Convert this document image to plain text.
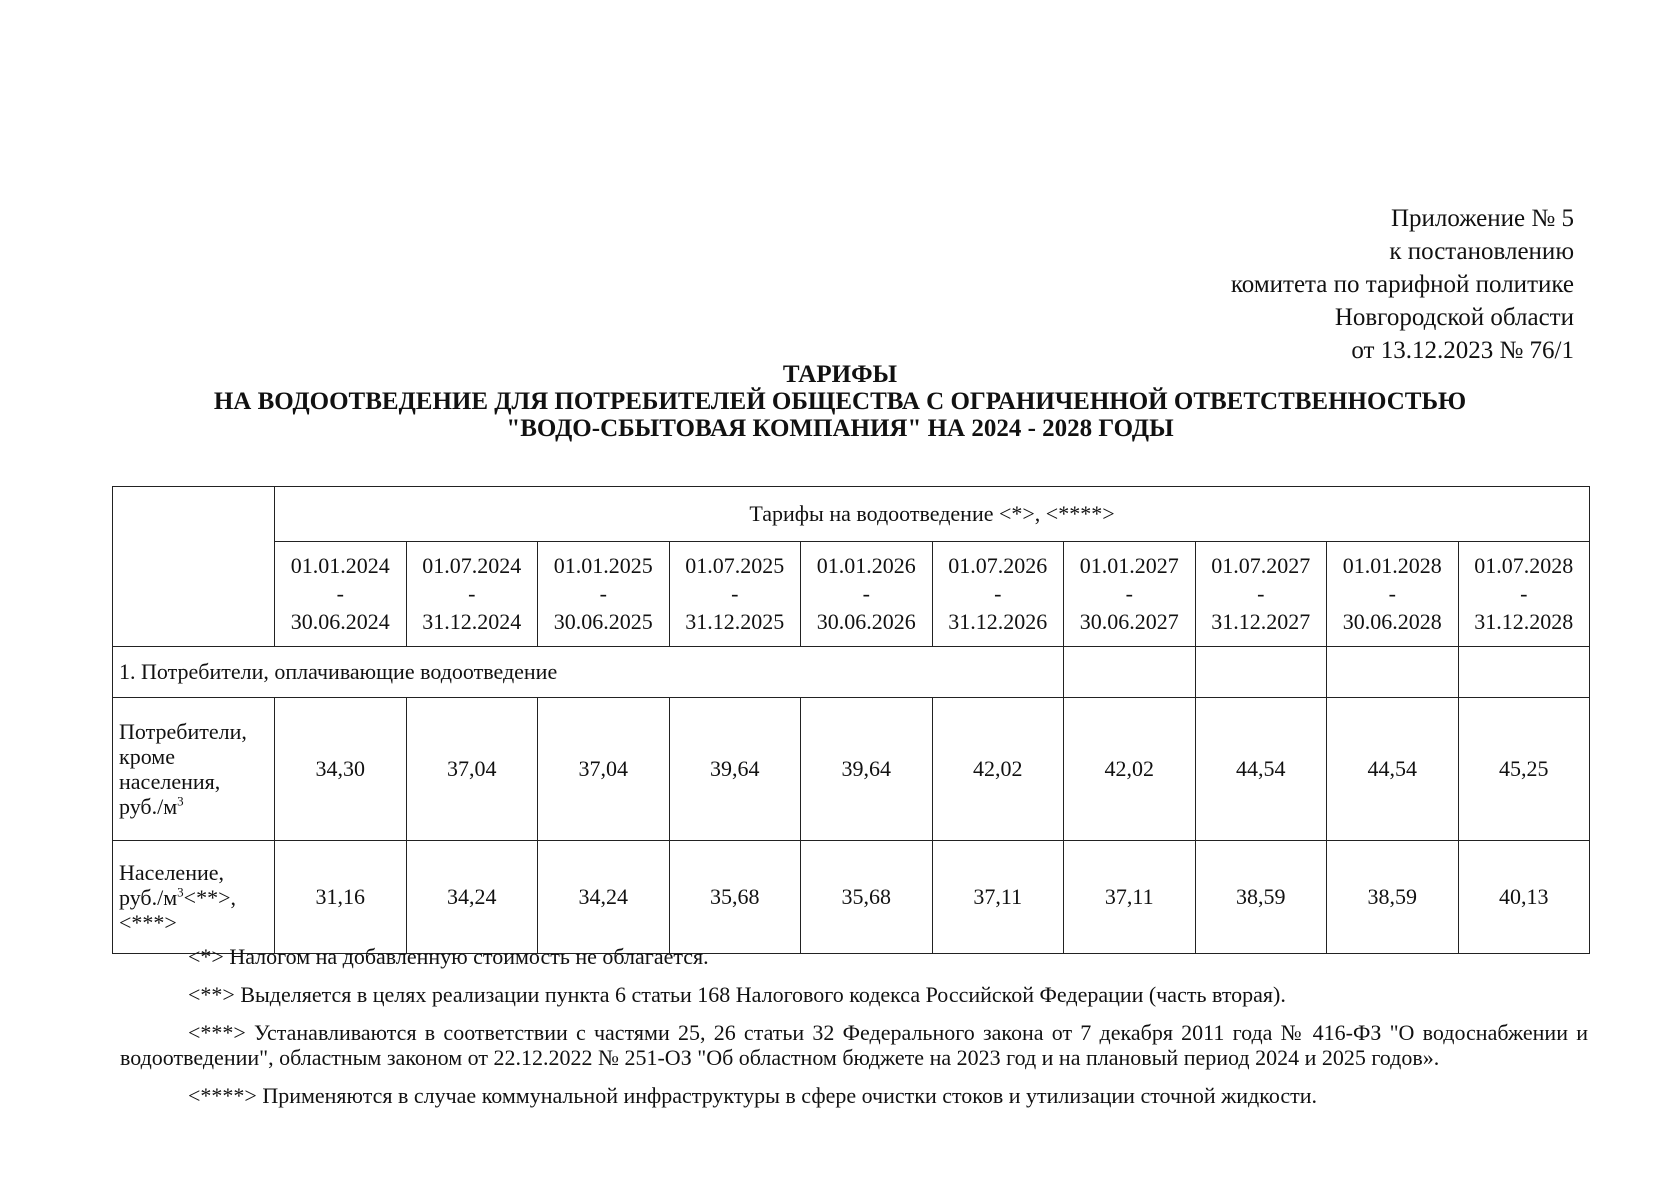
Приложение № 5
к постановлению
комитета по тарифной политике
Новгородской области
от 13.12.2023 № 76/1
ТАРИФЫ
НА ВОДООТВЕДЕНИЕ ДЛЯ ПОТРЕБИТЕЛЕЙ ОБЩЕСТВА С ОГРАНИЧЕННОЙ ОТВЕТСТВЕННОСТЬЮ
"ВОДО-СБЫТОВАЯ КОМПАНИЯ" НА 2024 - 2028 ГОДЫ
	Тарифы на водоотведение <*>, <****>									

	01.01.2024
-
30.06.2024	01.07.2024
-
31.12.2024	01.01.2025
-
30.06.2025	01.07.2025
-
31.12.2025	01.01.2026
-
30.06.2026	01.07.2026
-
31.12.2026	01.01.2027
-
30.06.2027	01.07.2027
-
31.12.2027	01.01.2028
-
30.06.2028	01.07.2028
-
31.12.2028

1. Потребители, оплачивающие водоотведение										
Потребители, кроме населения, $руб./м^3$	34,30	37,04	37,04	39,64	39,64	42,02	42,02	44,54	44,54	45,25
Население, $руб./м^3<**>$, <***>	31,16	34,24	34,24	35,68	35,68	37,11	37,11	38,59	38,59	40,13

<*> Налогом на добавленную стоимость не облагается.

<**> Выделяется в целях реализации пункта 6 статьи 168 Налогового кодекса Российской Федерации (часть вторая).

<***> Устанавливаются в соответствии с частями 25, 26 статьи 32 Федерального закона от 7 декабря 2011 года № 416-ФЗ "О водоснабжении и водоотведении", областным законом от 22.12.2022 № 251-ОЗ "Об областном бюджете на 2023 год и на плановый период 2024 и 2025 годов».

<****> Применяются в случае коммунальной инфраструктуры в сфере очистки стоков и утилизации сточной жидкости.
